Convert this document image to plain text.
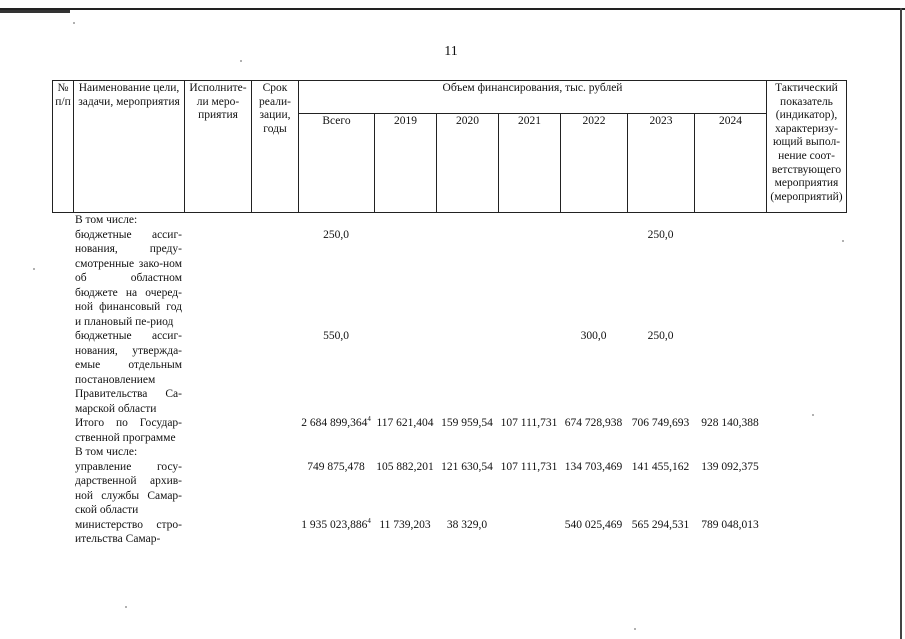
11
№ п/п	Наименование цели, задачи, мероприятия	Исполните-ли меро-приятия	Срок реали-зации, годы	Объем финансирования, тыс. рублей							Тактический показатель (индикатор), характеризу-ющий выпол-нение соот-ветствующего мероприятия (мероприятий)
				Всего	2019	2020	2021	2022	2023	2024	
	В том числе:										
	бюджетные ассиг-нования, преду-смотренные зако-ном об областном бюджете на очеред-ной финансовый год и плановый пе-риод			250,0					250,0		
	бюджетные ассиг-нования, утвержда-емые отдельным постановлением Правительства Са-марской области			550,0				300,0	250,0		
	Итого по Государ-ственной программе			2 684 899,364$^4$	117 621,404	159 959,54	107 111,731	674 728,938	706 749,693	928 140,388	
	В том числе:										
	управление госу-дарственной архив-ной службы Самар-ской области			749 875,478	105 882,201	121 630,54	107 111,731	134 703,469	141 455,162	139 092,375	
	министерство стро-ительства Самар-			1 935 023,886$^4$	11 739,203	38 329,0		540 025,469	565 294,531	789 048,013	
